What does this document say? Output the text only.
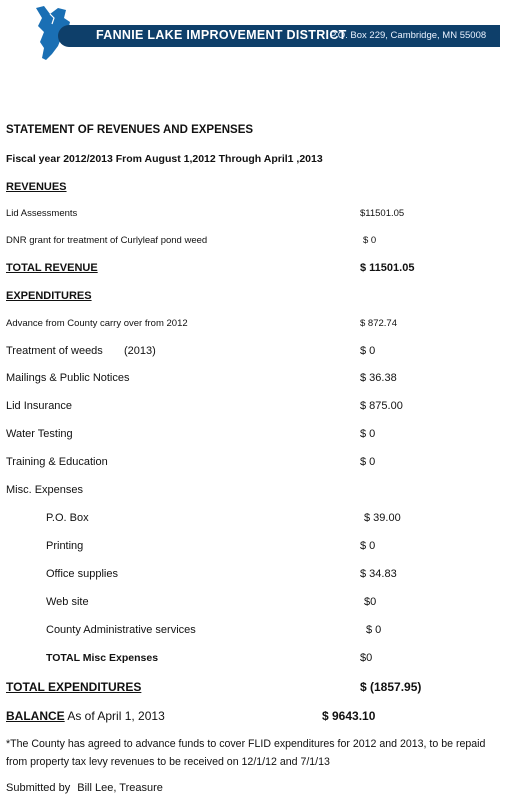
FANNIE LAKE IMPROVEMENT DISTRICT
P.O. Box 229, Cambridge, MN 55008
STATEMENT OF REVENUES AND EXPENSES
Fiscal year 2012/2013 From August 1,2012 Through April1 ,2013
REVENUES
Lid Assessments	$11501.05
DNR grant for treatment of Curlyleaf pond weed	$ 0
TOTAL REVENUE	$ 11501.05
EXPENDITURES
Advance from County carry over from 2012	$ 872.74
Treatment of weeds (2013)	$ 0
Mailings & Public Notices	$ 36.38
Lid Insurance	$ 875.00
Water Testing	$ 0
Training & Education	$ 0
Misc. Expenses
P.O. Box	$ 39.00
Printing	$ 0
Office supplies	$ 34.83
Web site	$0
County Administrative services	$ 0
TOTAL Misc Expenses	$0
TOTAL EXPENDITURES	$ (1857.95)
BALANCE As of April 1, 2013	$ 9643.10
*The County has agreed to advance funds to cover FLID expenditures for 2012 and 2013, to be repaid
from property tax levy revenues to be received on 12/1/12 and 7/1/13
Submitted by Bill Lee, Treasure
